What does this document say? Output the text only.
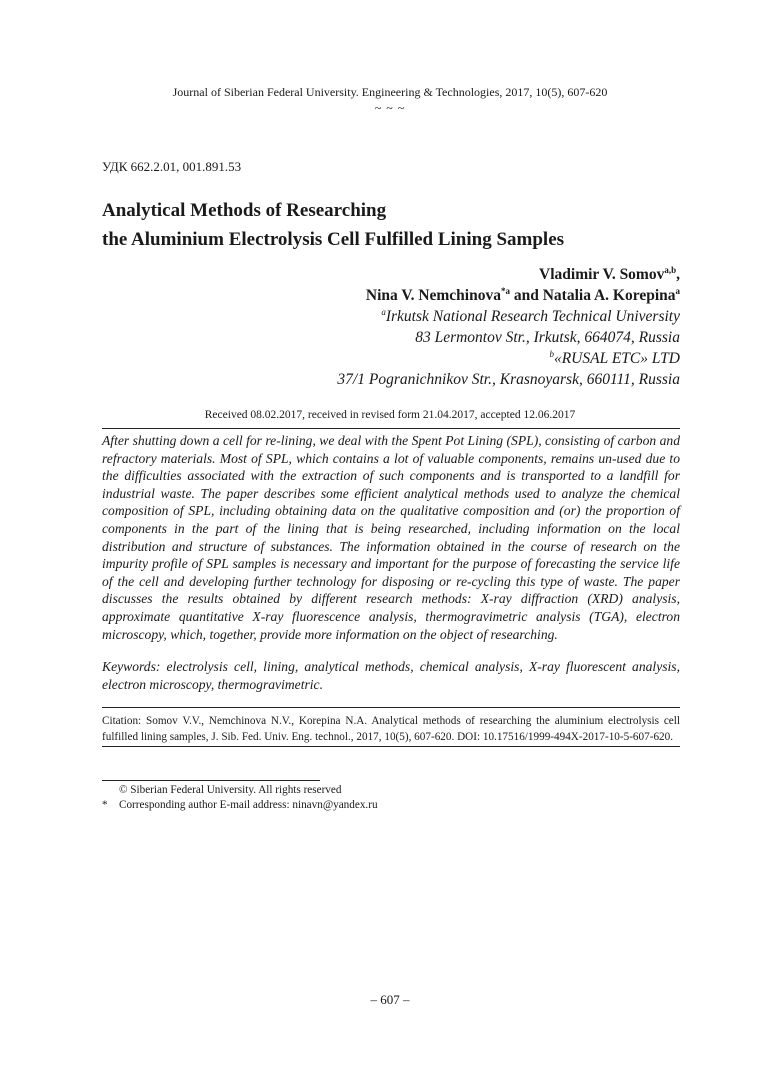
Journal of Siberian Federal University. Engineering & Technologies, 2017, 10(5), 607-620
~ ~ ~
УДК 662.2.01, 001.891.53
Analytical Methods of Researching
the Aluminium Electrolysis Cell Fulfilled Lining Samples
Vladimir V. Somov$^{a,b}$,
Nina V. Nemchinova$^{*a}$ and Natalia A. Korepina$^a$
$^a$Irkutsk National Research Technical University
83 Lermontov Str., Irkutsk, 664074, Russia
$^b$«RUSAL ETC» LTD
37/1 Pogranichnikov Str., Krasnoyarsk, 660111, Russia
Received 08.02.2017, received in revised form 21.04.2017, accepted 12.06.2017

After shutting down a cell for re-lining, we deal with the Spent Pot Lining (SPL), consisting of carbon and refractory materials. Most of SPL, which contains a lot of valuable components, remains un-used due to the difficulties associated with the extraction of such components and is transported to a landfill for industrial waste. The paper describes some efficient analytical methods used to analyze the chemical composition of SPL, including obtaining data on the qualitative composition and (or) the proportion of components in the part of the lining that is being researched, including information on the local distribution and structure of substances. The information obtained in the course of research on the impurity profile of SPL samples is necessary and important for the purpose of forecasting the service life of the cell and developing further technology for disposing or re-cycling this type of waste. The paper discusses the results obtained by different research methods: X-ray diffraction (XRD) analysis, approximate quantitative X-ray fluorescence analysis, thermogravimetric analysis (TGA), electron microscopy, which, together, provide more information on the object of researching.

Keywords: electrolysis cell, lining, analytical methods, chemical analysis, X-ray fluorescent analysis, electron microscopy, thermogravimetric.

Citation: Somov V.V., Nemchinova N.V., Korepina N.A. Analytical methods of researching the aluminium electrolysis cell fulfilled lining samples, J. Sib. Fed. Univ. Eng. technol., 2017, 10(5), 607-620. DOI: 10.17516/1999-494X-2017-10-5-607-620.

© Siberian Federal University. All rights reserved
* Corresponding author E-mail address: ninavn@yandex.ru
– 607 –
